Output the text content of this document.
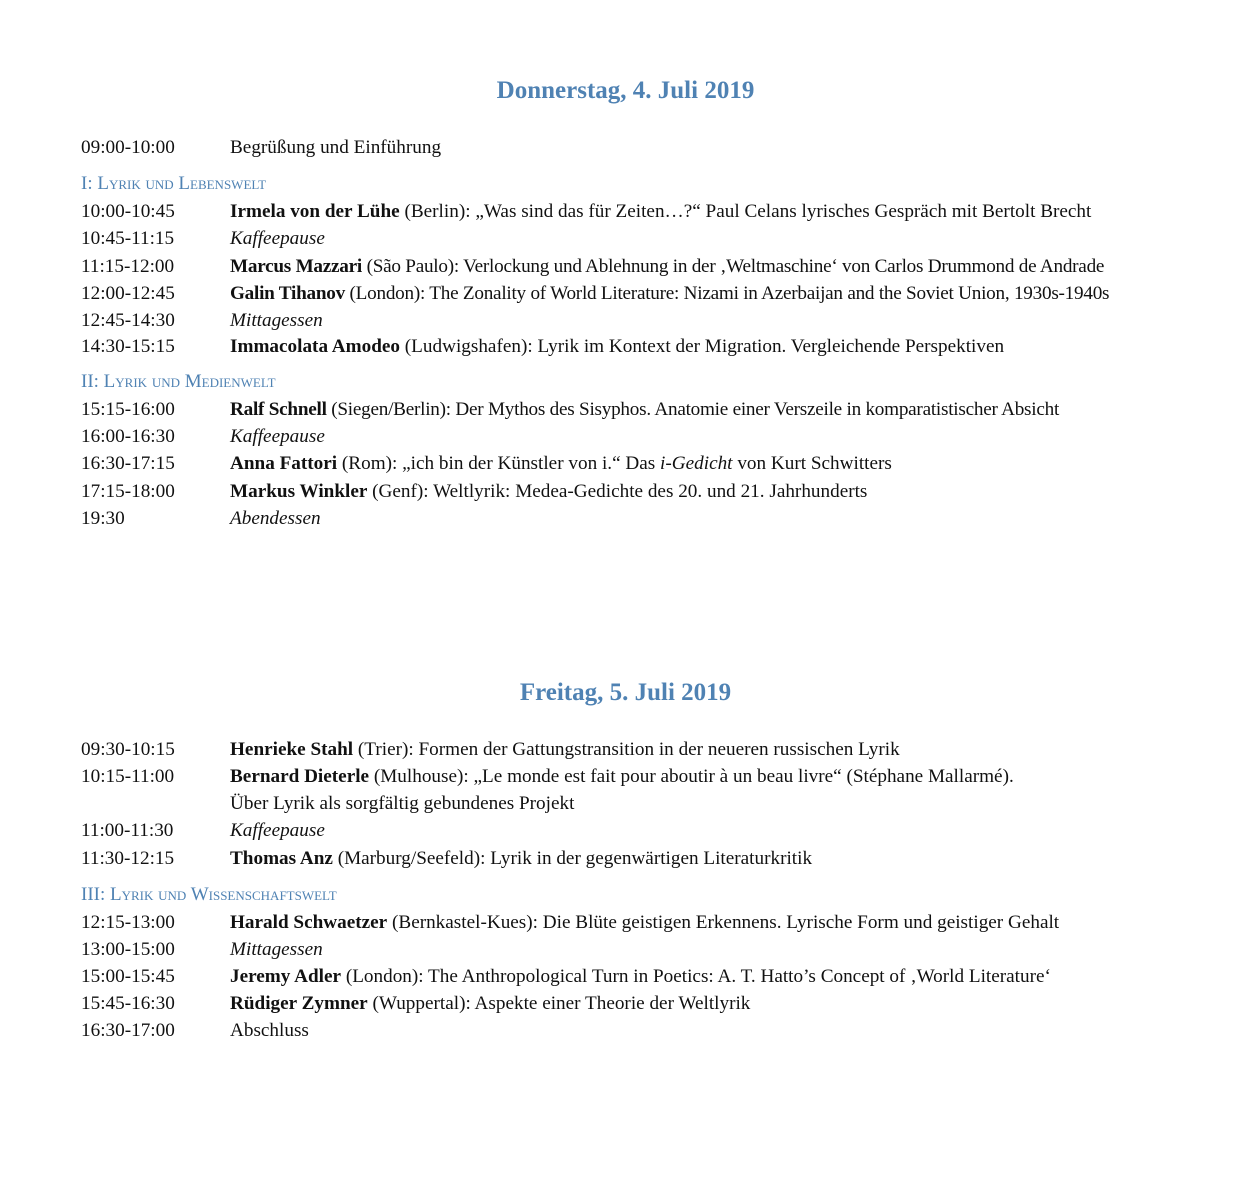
Donnerstag, 4. Juli 2019
09:00-10:00	Begrüßung und Einführung
I: Lyrik und Lebenswelt
10:00-10:45	Irmela von der Lühe (Berlin): „Was sind das für Zeiten…?“ Paul Celans lyrisches Gespräch mit Bertolt Brecht
10:45-11:15	Kaffeepause
11:15-12:00	Marcus Mazzari (São Paulo): Verlockung und Ablehnung in der ‚Weltmaschine‘ von Carlos Drummond de Andrade
12:00-12:45	Galin Tihanov (London): The Zonality of World Literature: Nizami in Azerbaijan and the Soviet Union, 1930s-1940s
12:45-14:30	Mittagessen
14:30-15:15	Immacolata Amodeo (Ludwigshafen): Lyrik im Kontext der Migration. Vergleichende Perspektiven
II: Lyrik und Medienwelt
15:15-16:00	Ralf Schnell (Siegen/Berlin): Der Mythos des Sisyphos. Anatomie einer Verszeile in komparatistischer Absicht
16:00-16:30	Kaffeepause
16:30-17:15	Anna Fattori (Rom): „ich bin der Künstler von i.“ Das i-Gedicht von Kurt Schwitters
17:15-18:00	Markus Winkler (Genf): Weltlyrik: Medea-Gedichte des 20. und 21. Jahrhunderts
19:30	Abendessen
Freitag, 5. Juli 2019
09:30-10:15	Henrieke Stahl (Trier): Formen der Gattungstransition in der neueren russischen Lyrik
10:15-11:00	Bernard Dieterle (Mulhouse): „Le monde est fait pour aboutir à un beau livre“ (Stéphane Mallarmé).
Über Lyrik als sorgfältig gebundenes Projekt
11:00-11:30	Kaffeepause
11:30-12:15	Thomas Anz (Marburg/Seefeld): Lyrik in der gegenwärtigen Literaturkritik
III: Lyrik und Wissenschaftswelt
12:15-13:00	Harald Schwaetzer (Bernkastel-Kues): Die Blüte geistigen Erkennens. Lyrische Form und geistiger Gehalt
13:00-15:00	Mittagessen
15:00-15:45	Jeremy Adler (London): The Anthropological Turn in Poetics: A. T. Hatto’s Concept of ‚World Literature‘
15:45-16:30	Rüdiger Zymner (Wuppertal): Aspekte einer Theorie der Weltlyrik
16:30-17:00	Abschluss
